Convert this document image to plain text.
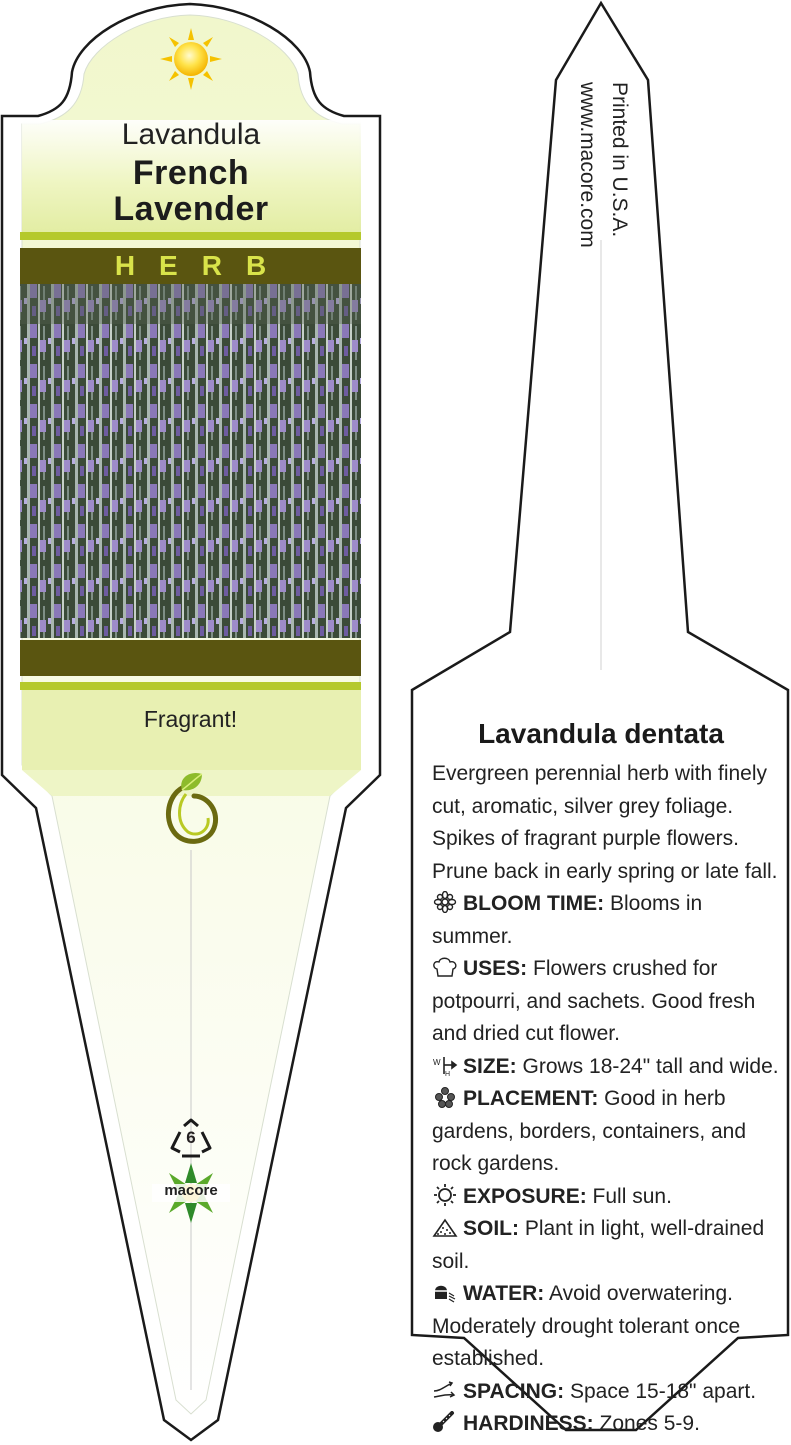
Lavandula
French
Lavender
HERB
Fragrant!
6
macore
Printed in U.S.A.
www.macore.com
Lavandula dentata

Evergreen perennial herb with finely cut, aromatic, silver grey foliage. Spikes of fragrant purple flowers. Prune back in early spring or late fall.

BLOOM TIME: Blooms in summer.

USES: Flowers crushed for potpourri, and sachets. Good fresh and dried cut flower.

W
H SIZE: Grows 18-24" tall and wide.

PLACEMENT: Good in herb gardens, borders, containers, and rock gardens.

EXPOSURE: Full sun.

SOIL: Plant in light, well-drained soil.

WATER: Avoid overwatering. Moderately drought tolerant once established.

SPACING: Space 15-18" apart.

HARDINESS: Zones 5-9.
